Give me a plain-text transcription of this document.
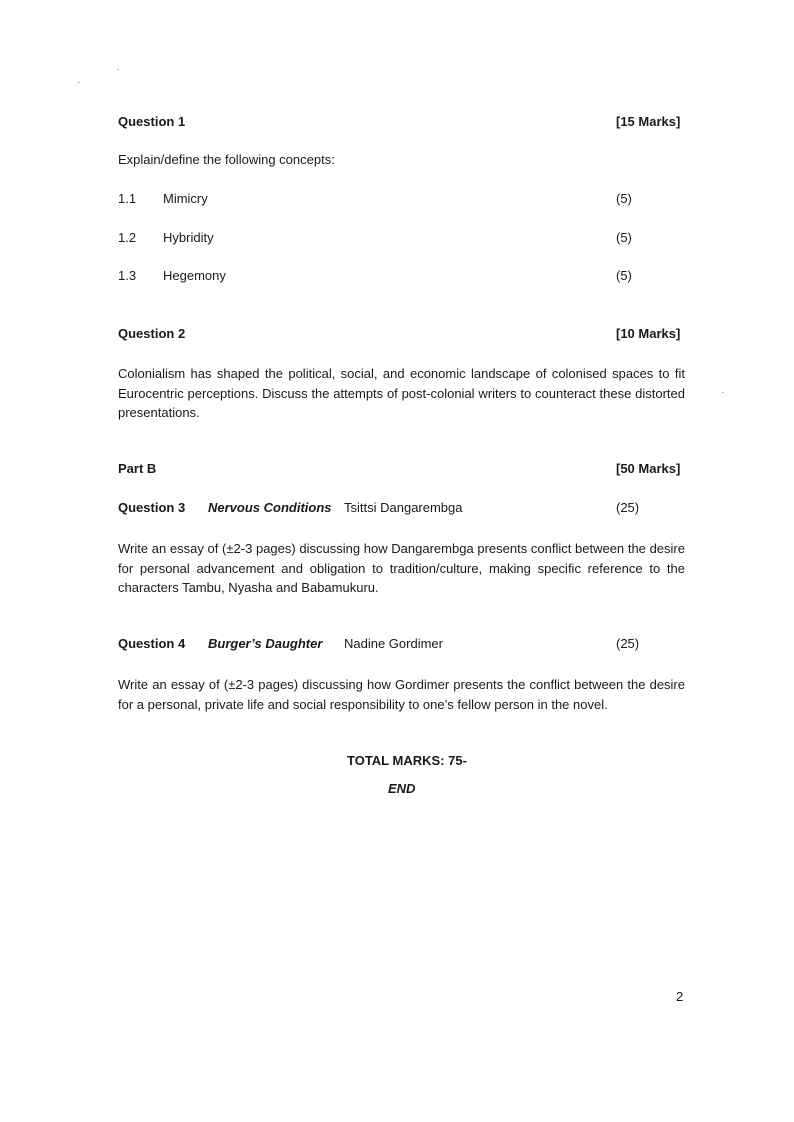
Question 1	[15 Marks]
Explain/define the following concepts:
1.1 Mimicry	(5)
1.2 Hybridity	(5)
1.3 Hegemony	(5)
Question 2	[10 Marks]
Colonialism has shaped the political, social, and economic landscape of colonised spaces to fit Eurocentric perceptions. Discuss the attempts of post-colonial writers to counteract these distorted presentations.
Part B	[50 Marks]
Question 3 Nervous Conditions Tsittsi Dangarembga	(25)
Write an essay of (±2-3 pages) discussing how Dangarembga presents conflict between the desire for personal advancement and obligation to tradition/culture, making specific reference to the characters Tambu, Nyasha and Babamukuru.
Question 4 Burger’s Daughter Nadine Gordimer	(25)
Write an essay of (±2-3 pages) discussing how Gordimer presents the conflict between the desire for a personal, private life and social responsibility to one’s fellow person in the novel.
TOTAL MARKS: 75-
END
2
